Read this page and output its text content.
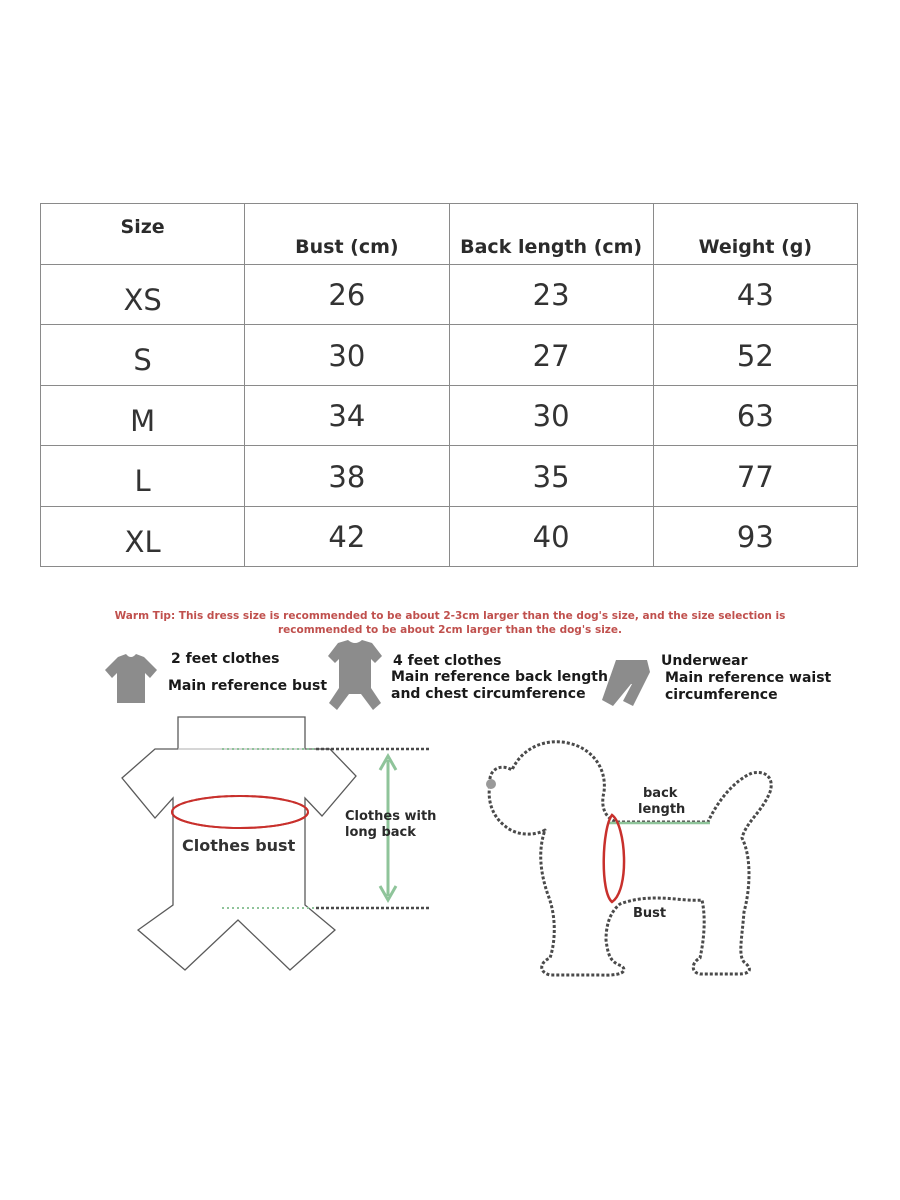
Size	Bust (cm)	Back length (cm)	Weight (g)
XS	26	23	43
S	30	27	52
M	34	30	63
L	38	35	77
XL	42	40	93
Warm Tip: This dress size is recommended to be about 2-3cm larger than the dog's size, and the size selection is recommended to be about 2cm larger than the dog's size.
2 feet clothes
Main reference bust
4 feet clothes
Main reference back length
and chest circumference
Underwear
Main reference waist
circumference
Clothes bust
Clothes with
long back
back
length
Bust
